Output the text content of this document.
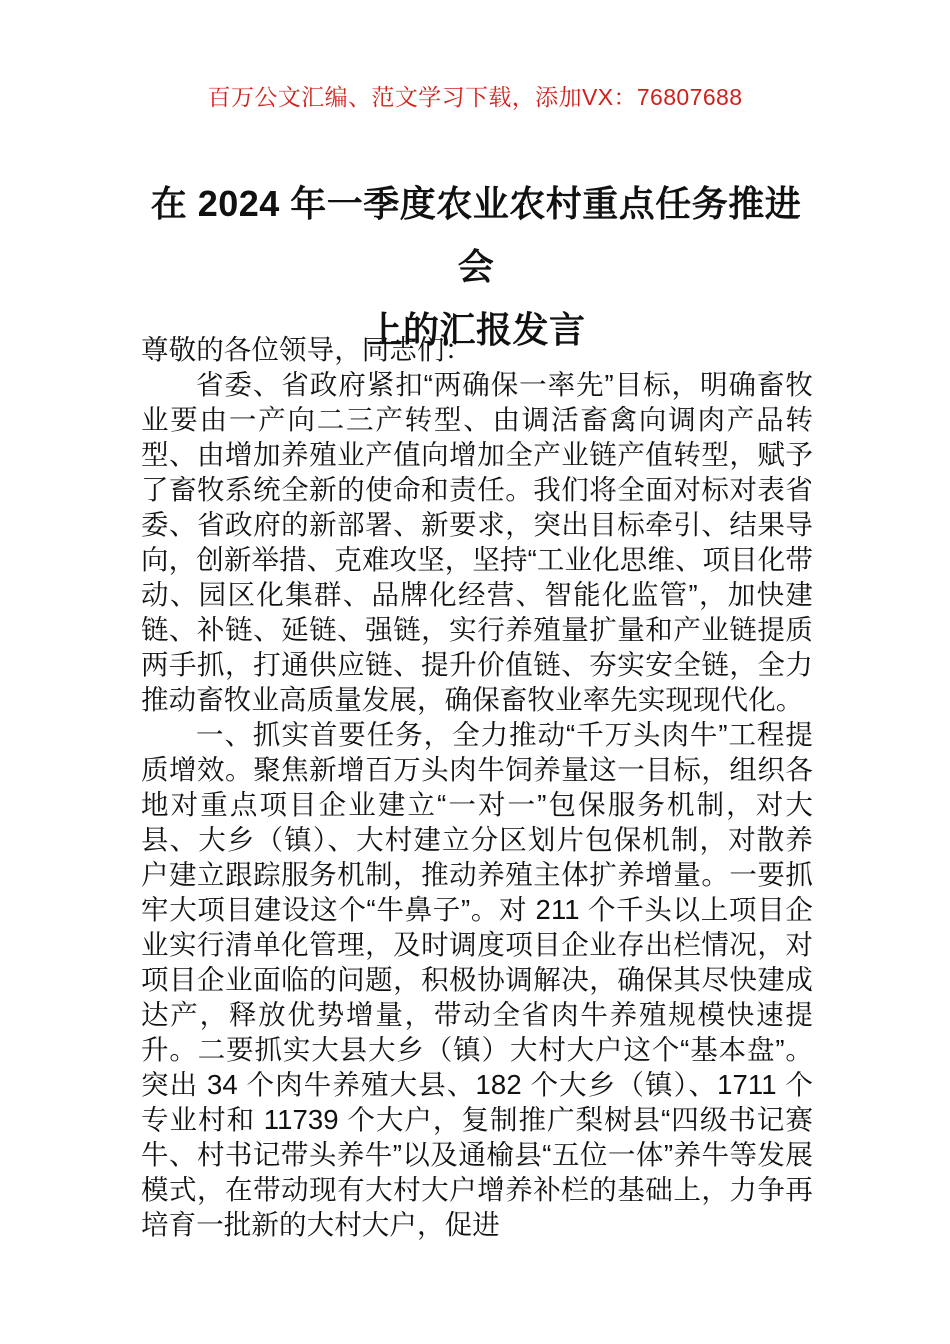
百万公文汇编、范文学习下载，添加VX：76807688
在 2024 年一季度农业农村重点任务推进会
上的汇报发言

尊敬的各位领导，同志们：

省委、省政府紧扣“两确保一率先”目标，明确畜牧业要由一产向二三产转型、由调活畜禽向调肉产品转型、由增加养殖业产值向增加全产业链产值转型，赋予了畜牧系统全新的使命和责任。我们将全面对标对表省委、省政府的新部署、新要求，突出目标牵引、结果导向，创新举措、克难攻坚，坚持“工业化思维、项目化带动、园区化集群、品牌化经营、智能化监管”，加快建链、补链、延链、强链，实行养殖量扩量和产业链提质两手抓，打通供应链、提升价值链、夯实安全链，全力推动畜牧业高质量发展，确保畜牧业率先实现现代化。

一、抓实首要任务，全力推动“千万头肉牛”工程提质增效。聚焦新增百万头肉牛饲养量这一目标，组织各地对重点项目企业建立“一对一”包保服务机制，对大县、大乡（镇）、大村建立分区划片包保机制，对散养户建立跟踪服务机制，推动养殖主体扩养增量。一要抓牢大项目建设这个“牛鼻子”。对 211 个千头以上项目企业实行清单化管理，及时调度项目企业存出栏情况，对项目企业面临的问题，积极协调解决，确保其尽快建成达产，释放优势增量，带动全省肉牛养殖规模快速提升。二要抓实大县大乡（镇）大村大户这个“基本盘”。突出 34 个肉牛养殖大县、182 个大乡（镇）、1711 个专业村和 11739 个大户，复制推广梨树县“四级书记赛牛、村书记带头养牛”以及通榆县“五位一体”养牛等发展模式，在带动现有大村大户增养补栏的基础上，力争再培育一批新的大村大户，促进
